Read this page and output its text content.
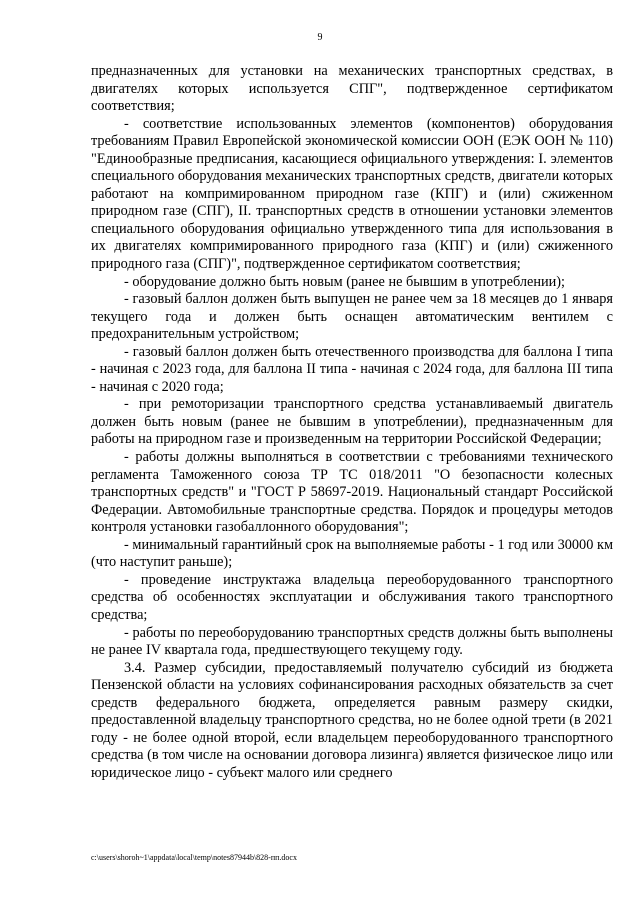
9

предназначенных для установки на механических транспортных средствах, в двигателях которых используется СПГ", подтвержденное сертификатом соответствия;

- соответствие использованных элементов (компонентов) оборудования требованиям Правил Европейской экономической комиссии ООН (ЕЭК ООН № 110) "Единообразные предписания, касающиеся официального утверждения: I. элементов специального оборудования механических транспортных средств, двигатели которых работают на компримированном природном газе (КПГ) и (или) сжиженном природном газе (СПГ), II. транспортных средств в отношении установки элементов специального оборудования официально утвержденного типа для использования в их двигателях компримированного природного газа (КПГ) и (или) сжиженного природного газа (СПГ)", подтвержденное сертификатом соответствия;

- оборудование должно быть новым (ранее не бывшим в употреблении);

- газовый баллон должен быть выпущен не ранее чем за 18 месяцев до 1 января текущего года и должен быть оснащен автоматическим вентилем с предохранительным устройством;

- газовый баллон должен быть отечественного производства для баллона I типа - начиная с 2023 года, для баллона II типа - начиная с 2024 года, для баллона III типа - начиная с 2020 года;

- при ремоторизации транспортного средства устанавливаемый двигатель должен быть новым (ранее не бывшим в употреблении), предназначенным для работы на природном газе и произведенным на территории Российской Федерации;

- работы должны выполняться в соответствии с требованиями технического регламента Таможенного союза ТР ТС 018/2011 "О безопасности колесных транспортных средств" и "ГОСТ Р 58697-2019. Национальный стандарт Российской Федерации. Автомобильные транспортные средства. Порядок и процедуры методов контроля установки газобаллонного оборудования";

- минимальный гарантийный срок на выполняемые работы - 1 год или 30000 км (что наступит раньше);

- проведение инструктажа владельца переоборудованного транспортного средства об особенностях эксплуатации и обслуживания такого транспортного средства;

- работы по переоборудованию транспортных средств должны быть выполнены не ранее IV квартала года, предшествующего текущему году.

3.4. Размер субсидии, предоставляемый получателю субсидий из бюджета Пензенской области на условиях софинансирования расходных обязательств за счет средств федерального бюджета, определяется равным размеру скидки, предоставленной владельцу транспортного средства, но не более одной трети (в 2021 году - не более одной второй, если владельцем переоборудованного транспортного средства (в том числе на основании договора лизинга) является физическое лицо или юридическое лицо - субъект малого или среднего

c:\users\shoroh~1\appdata\local\temp\notes87944b\828-пп.docx
